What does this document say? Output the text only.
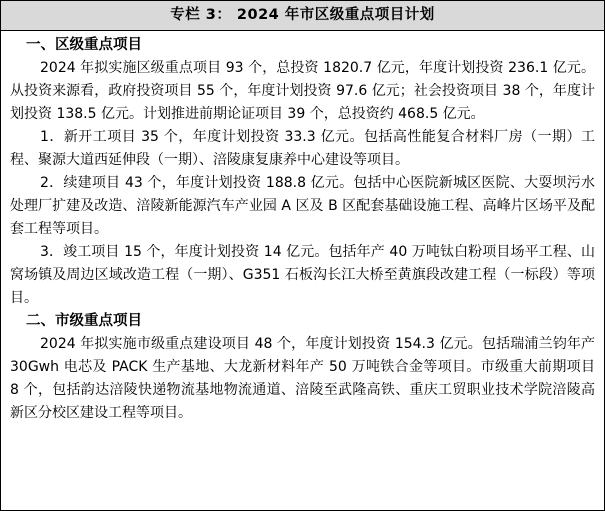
专栏 3： 2024 年市区级重点项目计划
一、区级重点项目

2024 年拟实施区级重点项目 93 个，总投资 1820.7 亿元，年度计划投资 236.1 亿元。从投资来源看，政府投资项目 55 个，年度计划投资 97.6 亿元；社会投资项目 38 个，年度计划投资 138.5 亿元。计划推进前期论证项目 39 个，总投资约 468.5 亿元。

1．新开工项目 35 个，年度计划投资 33.3 亿元。包括高性能复合材料厂房（一期）工程、聚源大道西延伸段（一期）、涪陵康复康养中心建设等项目。

2．续建项目 43 个，年度计划投资 188.8 亿元。包括中心医院新城区医院、大耍坝污水处理厂扩建及改造、涪陵新能源汽车产业园 A 区及 B 区配套基础设施工程、高峰片区场平及配套工程等项目。

3．竣工项目 15 个，年度计划投资 14 亿元。包括年产 40 万吨钛白粉项目场平工程、山窝场镇及周边区域改造工程（一期）、G351 石板沟长江大桥至黄旗段改建工程（一标段）等项目。

二、市级重点项目

2024 年拟实施市级重点建设项目 48 个，年度计划投资 154.3 亿元。包括瑞浦兰钧年产 30Gwh 电芯及 PACK 生产基地、大龙新材料年产 50 万吨铁合金等项目。市级重大前期项目 8 个，包括韵达涪陵快递物流基地物流通道、涪陵至武隆高铁、重庆工贸职业技术学院涪陵高新区分校区建设工程等项目。
